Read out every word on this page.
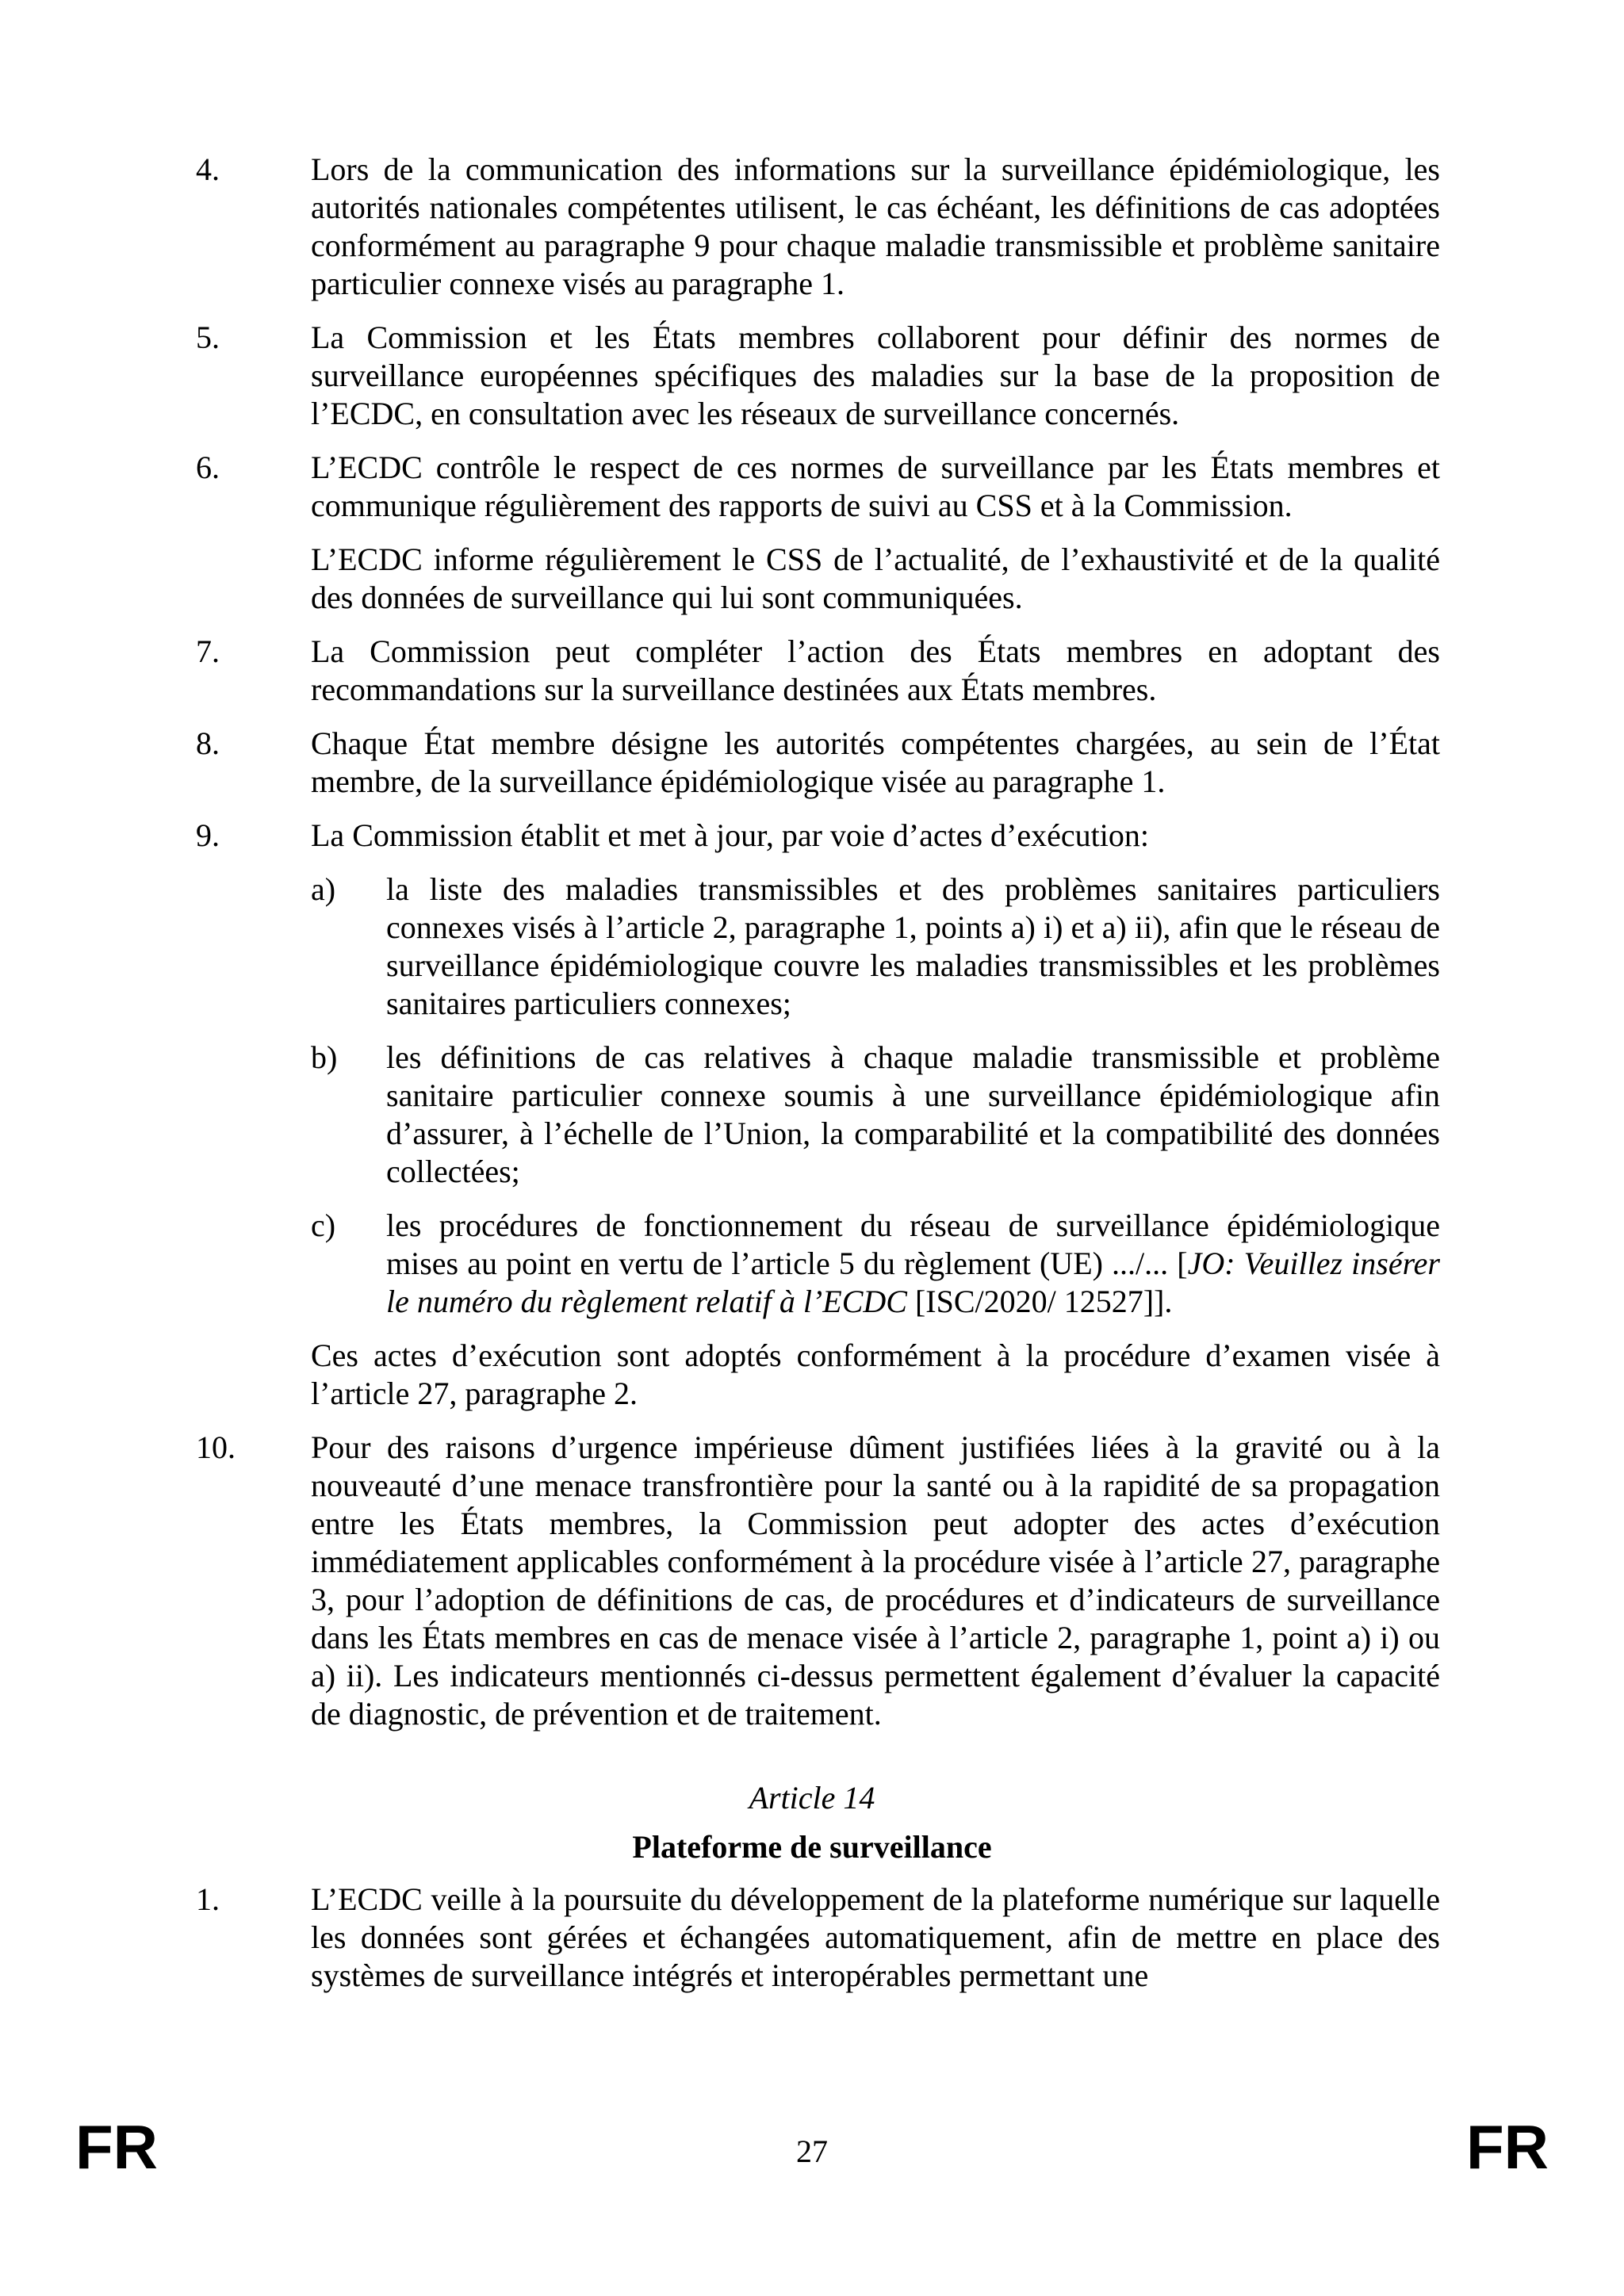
4.	Lors de la communication des informations sur la surveillance épidémiologique, les autorités nationales compétentes utilisent, le cas échéant, les définitions de cas adoptées conformément au paragraphe 9 pour chaque maladie transmissible et problème sanitaire particulier connexe visés au paragraphe 1.

5.	La Commission et les États membres collaborent pour définir des normes de surveillance européennes spécifiques des maladies sur la base de la proposition de l’ECDC, en consultation avec les réseaux de surveillance concernés.

6.	L’ECDC contrôle le respect de ces normes de surveillance par les États membres et communique régulièrement des rapports de suivi au CSS et à la Commission.

L’ECDC informe régulièrement le CSS de l’actualité, de l’exhaustivité et de la qualité des données de surveillance qui lui sont communiquées.

7.	La Commission peut compléter l’action des États membres en adoptant des recommandations sur la surveillance destinées aux États membres.

8.	Chaque État membre désigne les autorités compétentes chargées, au sein de l’État membre, de la surveillance épidémiologique visée au paragraphe 1.

9.	La Commission établit et met à jour, par voie d’actes d’exécution:

a)	la liste des maladies transmissibles et des problèmes sanitaires particuliers connexes visés à l’article 2, paragraphe 1, points a) i) et a) ii), afin que le réseau de surveillance épidémiologique couvre les maladies transmissibles et les problèmes sanitaires particuliers connexes;
b)	les définitions de cas relatives à chaque maladie transmissible et problème sanitaire particulier connexe soumis à une surveillance épidémiologique afin d’assurer, à l’échelle de l’Union, la comparabilité et la compatibilité des données collectées;
c)	les procédures de fonctionnement du réseau de surveillance épidémiologique mises au point en vertu de l’article 5 du règlement (UE) .../... [JO: Veuillez insérer le numéro du règlement relatif à l’ECDC [ISC/2020/ 12527]].

Ces actes d’exécution sont adoptés conformément à la procédure d’examen visée à l’article 27, paragraphe 2.

10.	Pour des raisons d’urgence impérieuse dûment justifiées liées à la gravité ou à la nouveauté d’une menace transfrontière pour la santé ou à la rapidité de sa propagation entre les États membres, la Commission peut adopter des actes d’exécution immédiatement applicables conformément à la procédure visée à l’article 27, paragraphe 3, pour l’adoption de définitions de cas, de procédures et d’indicateurs de surveillance dans les États membres en cas de menace visée à l’article 2, paragraphe 1, point a) i) ou a) ii). Les indicateurs mentionnés ci-dessus permettent également d’évaluer la capacité de diagnostic, de prévention et de traitement.

Article 14
Plateforme de surveillance
1.	L’ECDC veille à la poursuite du développement de la plateforme numérique sur laquelle les données sont gérées et échangées automatiquement, afin de mettre en place des systèmes de surveillance intégrés et interopérables permettant une

FR	27	FR
